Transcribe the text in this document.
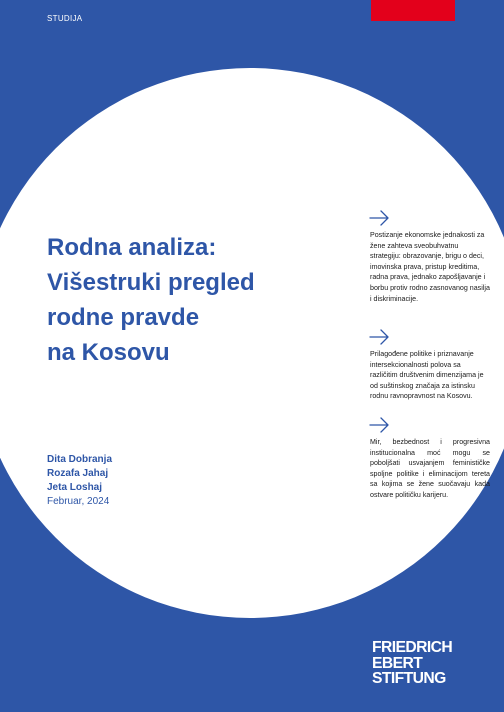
STUDIJA
Rodna analiza:
Višestruki pregled
rodne pravde
na Kosovu
Dita Dobranja
Rozafa Jahaj
Jeta Loshaj
Februar, 2024

Postizanje ekonomske jednakosti za žene zahteva sveobuhvatnu strategiju: obrazovanje, brigu o deci, imovinska prava, pristup kreditima, radna prava, jednako zapošljavanje i borbu protiv rodno zasnovanog nasilja i diskriminacije.

Prilagođene politike i priznavanje intersekcionalnosti polova sa različitim društvenim dimenzijama je od suštinskog značaja za istinsku rodnu ravnopravnost na Kosovu.

Mir, bezbednost i progresivna institucionalna moć mogu se poboljšati usvajanjem feminističke spoljne politike i eliminacijom tereta sa kojima se žene suočavaju kada ostvare političku karijeru.

FRIEDRICH
EBERT
STIFTUNG
